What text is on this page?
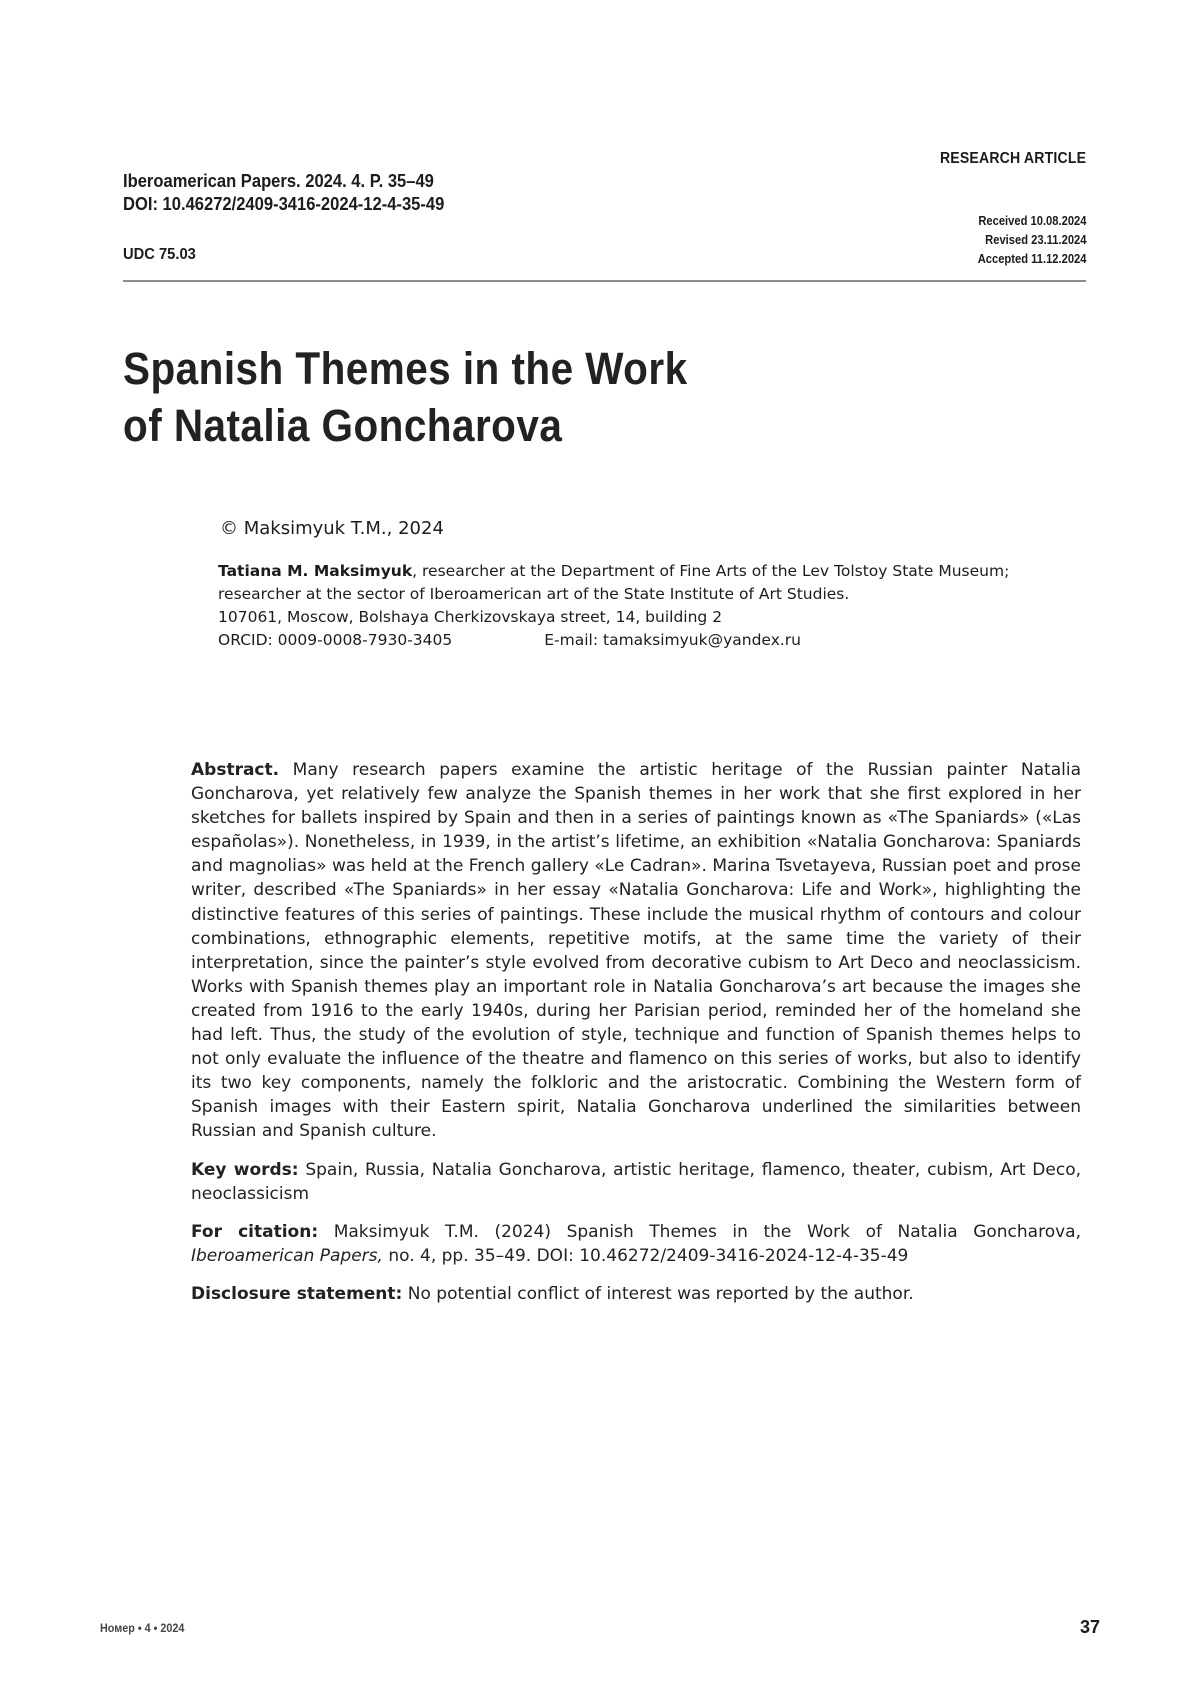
RESEARCH ARTICLE
Iberoamerican Papers. 2024. 4. P. 35–49
DOI: 10.46272/2409-3416-2024-12-4-35-49
UDC 75.03
Received 10.08.2024
Revised 23.11.2024
Accepted 11.12.2024
Spanish Themes in the Work
of Natalia Goncharova
© Maksimyuk T.M., 2024
Tatiana M. Maksimyuk, researcher at the Department of Fine Arts of the Lev Tolstoy State Museum;
researcher at the sector of Iberoamerican art of the State Institute of Art Studies.
107061, Moscow, Bolshaya Cherkizovskaya street, 14, building 2
ORCID: 0009-0008-7930-3405	E-mail: tamaksimyuk@yandex.ru

Abstract. Many research papers examine the artistic heritage of the Russian painter Natalia Goncharova, yet relatively few analyze the Spanish themes in her work that she first explored in her sketches for ballets inspired by Spain and then in a series of paintings known as «The Spaniards» («Las españolas»). Nonetheless, in 1939, in the artist’s lifetime, an exhibition «Natalia Goncharova: Spaniards and magnolias» was held at the French gallery «Le Cadran». Marina Tsvetayeva, Russian poet and prose writer, described «The Spaniards» in her essay «Natalia Goncharova: Life and Work», highlighting the distinctive features of this series of paintings. These include the musical rhythm of contours and colour combinations, ethnographic elements, repetitive motifs, at the same time the variety of their interpretation, since the painter’s style evolved from decorative cubism to Art Deco and neoclassicism. Works with Spanish themes play an important role in Natalia Goncharova’s art because the images she created from 1916 to the early 1940s, during her Parisian period, reminded her of the homeland she had left. Thus, the study of the evolution of style, technique and function of Spanish themes helps to not only evaluate the influence of the theatre and flamenco on this series of works, but also to identify its two key components, namely the folkloric and the aristocratic. Combining the Western form of Spanish images with their Eastern spirit, Natalia Goncharova underlined the similarities between Russian and Spanish culture.

Key words: Spain, Russia, Natalia Goncharova, artistic heritage, flamenco, theater, cubism, Art Deco, neoclassicism

For citation: Maksimyuk T.M. (2024) Spanish Themes in the Work of Natalia Goncharova, Iberoamerican Papers, no. 4, pp. 35–49. DOI: 10.46272/2409-3416-2024-12-4-35-49

Disclosure statement: No potential conflict of interest was reported by the author.

Номер • 4 • 2024	37
